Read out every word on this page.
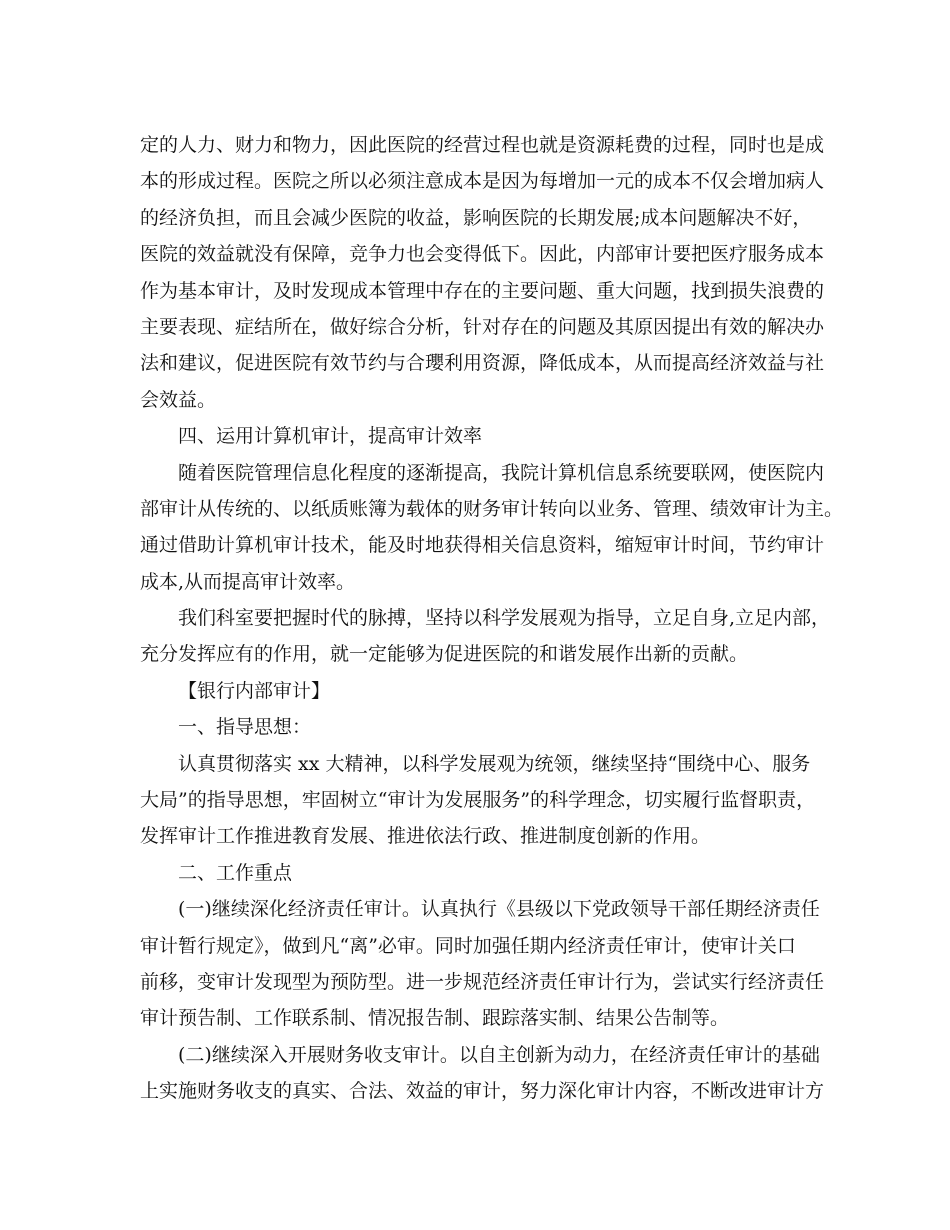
定的人力、财力和物力，因此医院的经营过程也就是资源耗费的过程，同时也是成
本的形成过程。医院之所以必须注意成本是因为每增加一元的成本不仅会增加病人
的经济负担，而且会减少医院的收益，影响医院的长期发展;成本问题解决不好，
医院的效益就没有保障，竞争力也会变得低下。因此，内部审计要把医疗服务成本
作为基本审计，及时发现成本管理中存在的主要问题、重大问题，找到损失浪费的
主要表现、症结所在，做好综合分析，针对存在的问题及其原因提出有效的解决办
法和建议，促进医院有效节约与合瓔利用资源，降低成本，从而提高经济效益与社
会效益。
四、运用计算机审计，提高审计效率
随着医院管理信息化程度的逐渐提高，我院计算机信息系统要联网，使医院内
部审计从传统的、以纸质账簿为载体的财务审计转向以业务、管理、绩效审计为主。
通过借助计算机审计技术，能及时地获得相关信息资料，缩短审计时间，节约审计
成本,从而提高审计效率。
我们科室要把握时代的脉搏，坚持以科学发展观为指导，立足自身,立足内部，
充分发挥应有的作用，就一定能够为促进医院的和谐发展作出新的贡献。
【银行内部审计】
一、指导思想：
认真贯彻落实 xx 大精神，以科学发展观为统领，继续坚持“围绕中心、服务
大局”的指导思想，牢固树立“审计为发展服务”的科学理念，切实履行监督职责，
发挥审计工作推进教育发展、推进依法行政、推进制度创新的作用。
二、工作重点
(一)继续深化经济责任审计。认真执行《县级以下党政领导干部任期经济责任
审计暂行规定》，做到凡“离”必审。同时加强任期内经济责任审计，使审计关口
前移，变审计发现型为预防型。进一步规范经济责任审计行为，尝试实行经济责任
审计预告制、工作联系制、情况报告制、跟踪落实制、结果公告制等。
(二)继续深入开展财务收支审计。以自主创新为动力，在经济责任审计的基础
上实施财务收支的真实、合法、效益的审计，努力深化审计内容，不断改进审计方
